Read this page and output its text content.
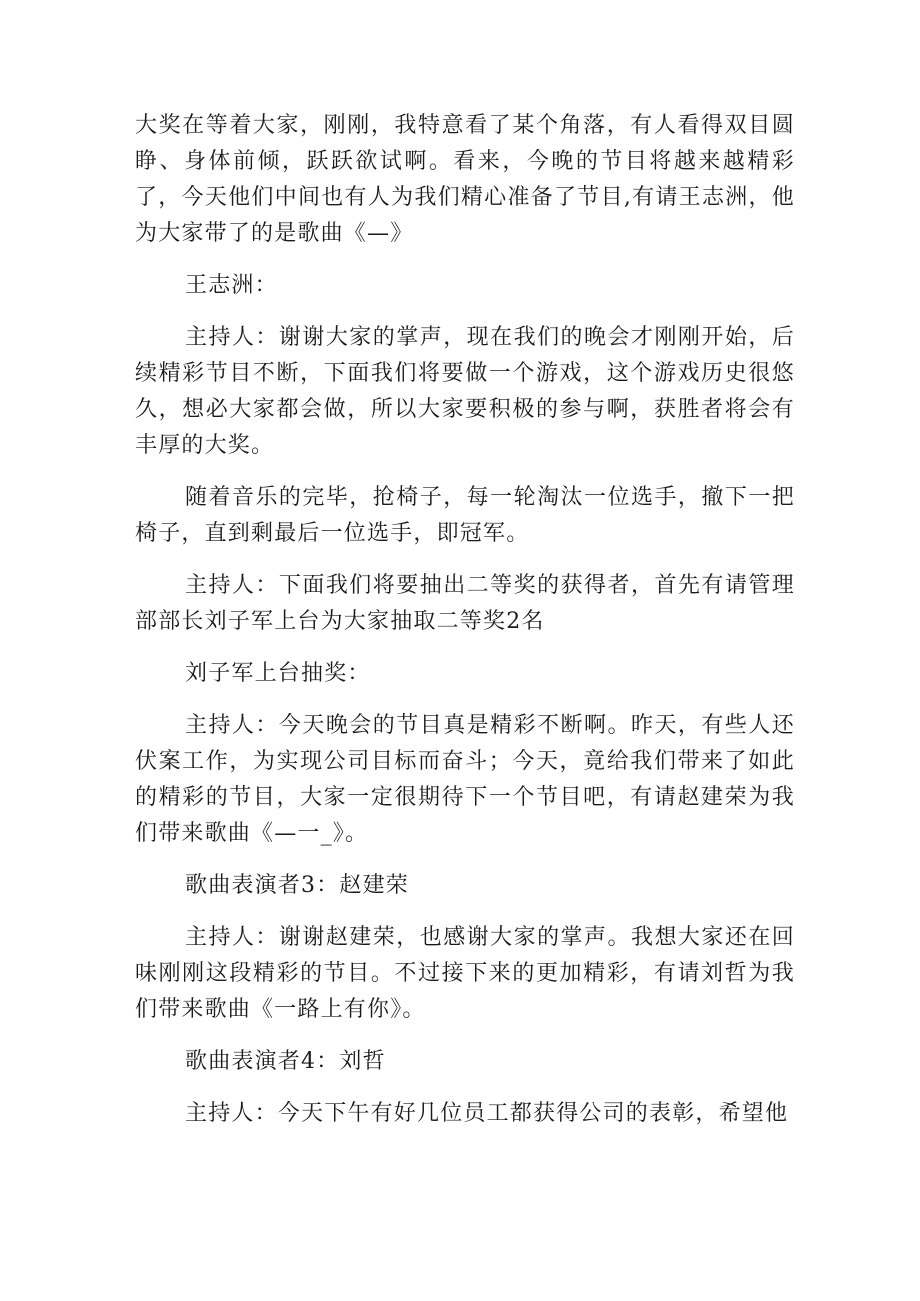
大奖在等着大家，刚刚，我特意看了某个角落，有人看得双目圆睁、身体前倾，跃跃欲试啊。看来，今晚的节目将越来越精彩了，今天他们中间也有人为我们精心准备了节目,有请王志洲，他为大家带了的是歌曲《—》

王志洲：

主持人：谢谢大家的掌声，现在我们的晚会才刚刚开始，后续精彩节目不断，下面我们将要做一个游戏，这个游戏历史很悠久，想必大家都会做，所以大家要积极的参与啊，获胜者将会有丰厚的大奖。

随着音乐的完毕，抢椅子，每一轮淘汰一位选手，撤下一把椅子，直到剩最后一位选手，即冠军。

主持人：下面我们将要抽出二等奖的获得者，首先有请管理部部长刘子军上台为大家抽取二等奖2名

刘子军上台抽奖：

主持人：今天晚会的节目真是精彩不断啊。昨天，有些人还伏案工作，为实现公司目标而奋斗；今天，竟给我们带来了如此的精彩的节目，大家一定很期待下一个节目吧，有请赵建荣为我们带来歌曲《—一_》。

歌曲表演者3：赵建荣

主持人：谢谢赵建荣，也感谢大家的掌声。我想大家还在回味刚刚这段精彩的节目。不过接下来的更加精彩，有请刘哲为我们带来歌曲《一路上有你》。

歌曲表演者4：刘哲

主持人：今天下午有好几位员工都获得公司的表彰，希望他
